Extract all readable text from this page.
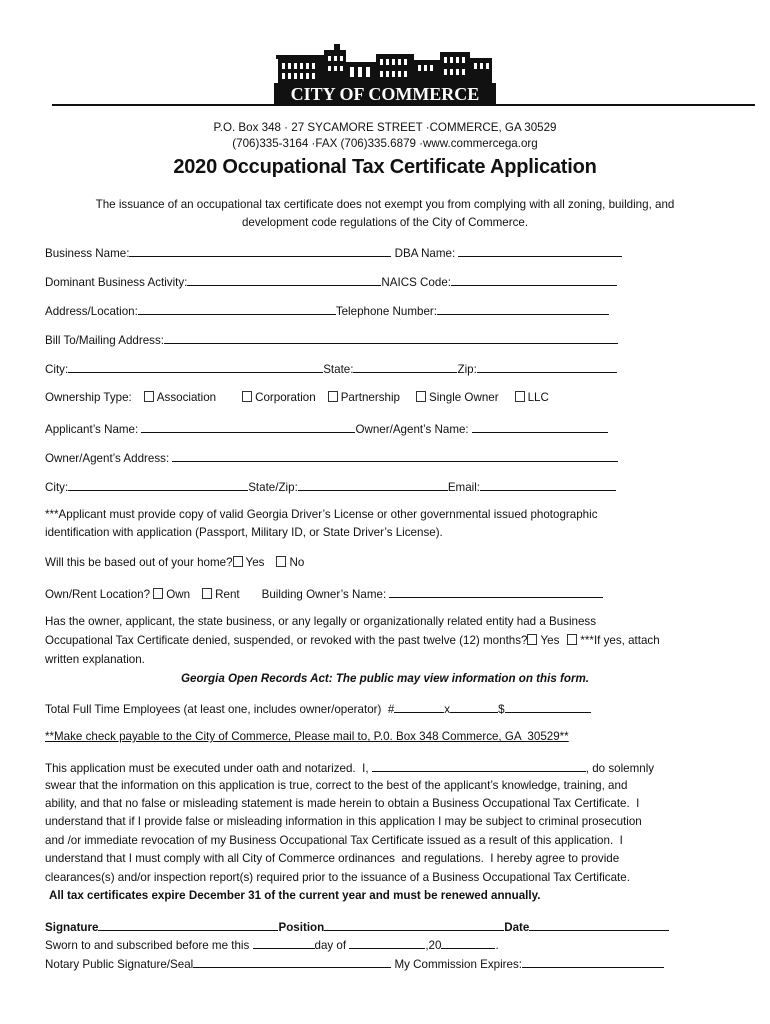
CITY OF COMMERCE
P.O. Box 348 · 27 SYCAMORE STREET ·COMMERCE, GA 30529
(706)335-3164 ·FAX (706)335.6879 ·www.commercega.org
2020 Occupational Tax Certificate Application
The issuance of an occupational tax certificate does not exempt you from complying with all zoning, building, and
development code regulations of the City of Commerce.
Business Name:	DBA Name:
Dominant Business Activity:	NAICS Code:
Address/Location:	Telephone Number:
Bill To/Mailing Address:
City:	State:	Zip:
Ownership Type: Association	Corporation Partnership	Single Owner	LLC
Applicant’s Name:	Owner/Agent’s Name:
Owner/Agent’s Address:
City:	State/Zip:	Email:
***Applicant must provide copy of valid Georgia Driver’s License or other governmental issued photographic
identification with application (Passport, Military ID, or State Driver’s License).
Will this be based out of your home? Yes No
Own/Rent Location? Own Rent Building Owner’s Name:
Has the owner, applicant, the state business, or any legally or organizationally related entity had a Business
Occupational Tax Certificate denied, suspended, or revoked with the past twelve (12) months? Yes ***If yes, attach
written explanation.
Georgia Open Records Act: The public may view information on this form.
Total Full Time Employees (at least one, includes owner/operator)  #	x	$
**Make check payable to the City of Commerce, Please mail to, P.0. Box 348 Commerce, GA  30529**
This application must be executed under oath and notarized.  I,	, do solemnly
swear that the information on this application is true, correct to the best of the applicant’s knowledge, training, and
ability, and that no false or misleading statement is made herein to obtain a Business Occupational Tax Certificate.  I
understand that if I provide false or misleading information in this application I may be subject to criminal prosecution
and /or immediate revocation of my Business Occupational Tax Certificate issued as a result of this application.  I
understand that I must comply with all City of Commerce ordinances  and regulations.  I hereby agree to provide
clearances(s) and/or inspection report(s) required prior to the issuance of a Business Occupational Tax Certificate.
All tax certificates expire December 31 of the current year and must be renewed annually.
Signature	Position	Date
Sworn to and subscribed before me this	day of	,20	.
Notary Public Signature/Seal	My Commission Expires:
